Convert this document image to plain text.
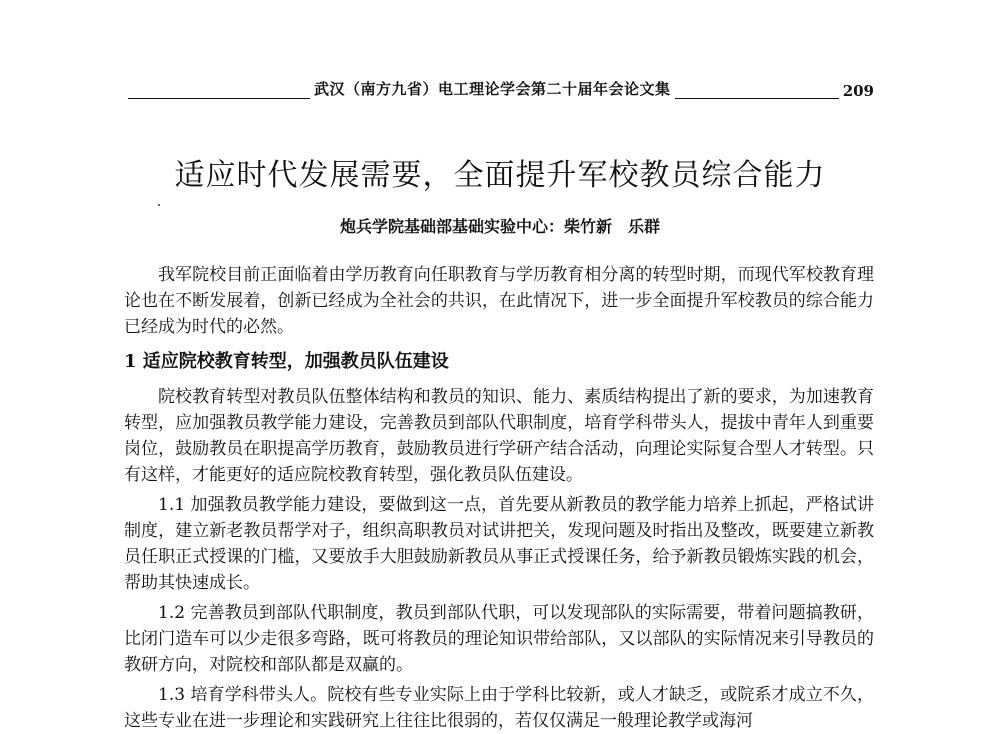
武汉（南方九省）电工理论学会第二十届年会论文集	209
适应时代发展需要，全面提升军校教员综合能力
炮兵学院基础部基础实验中心：柴竹新　乐群

我军院校目前正面临着由学历教育向任职教育与学历教育相分离的转型时期，而现代军校教育理论也在不断发展着，创新已经成为全社会的共识，在此情况下，进一步全面提升军校教员的综合能力已经成为时代的必然。

1 适应院校教育转型，加强教员队伍建设

院校教育转型对教员队伍整体结构和教员的知识、能力、素质结构提出了新的要求，为加速教育转型，应加强教员教学能力建设，完善教员到部队代职制度，培育学科带头人，提拔中青年人到重要岗位，鼓励教员在职提高学历教育，鼓励教员进行学研产结合活动，向理论实际复合型人才转型。只有这样，才能更好的适应院校教育转型，强化教员队伍建设。

1.1 加强教员教学能力建设，要做到这一点，首先要从新教员的教学能力培养上抓起，严格试讲制度，建立新老教员帮学对子，组织高职教员对试讲把关，发现问题及时指出及整改，既要建立新教员任职正式授课的门槛，又要放手大胆鼓励新教员从事正式授课任务，给予新教员锻炼实践的机会，帮助其快速成长。

1.2 完善教员到部队代职制度，教员到部队代职，可以发现部队的实际需要，带着问题搞教研，比闭门造车可以少走很多弯路，既可将教员的理论知识带给部队，又以部队的实际情况来引导教员的教研方向，对院校和部队都是双赢的。

1.3 培育学科带头人。院校有些专业实际上由于学科比较新，或人才缺乏，或院系才成立不久，这些专业在进一步理论和实践研究上往往比很弱的，若仅仅满足一般理论教学或海河
